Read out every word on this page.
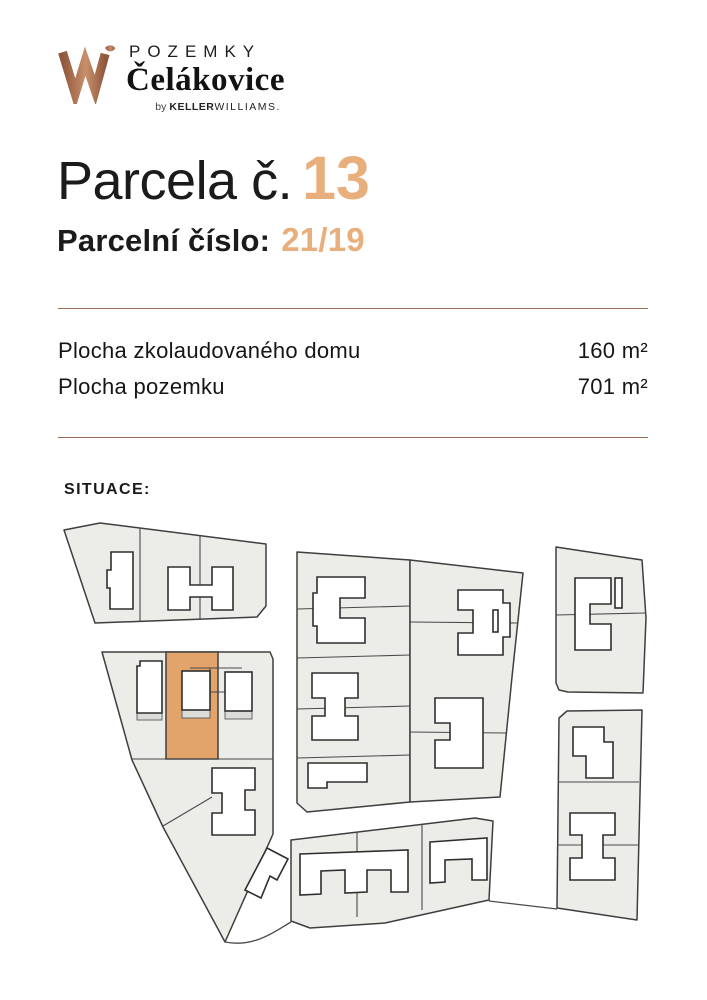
POZEMKY
Čelákovice
by KELLERWILLIAMS.
Parcela č. 13
Parcelní číslo: 21/19
Plocha zkolaudovaného domu	160 m²
Plocha pozemku	701 m²
SITUACE:
